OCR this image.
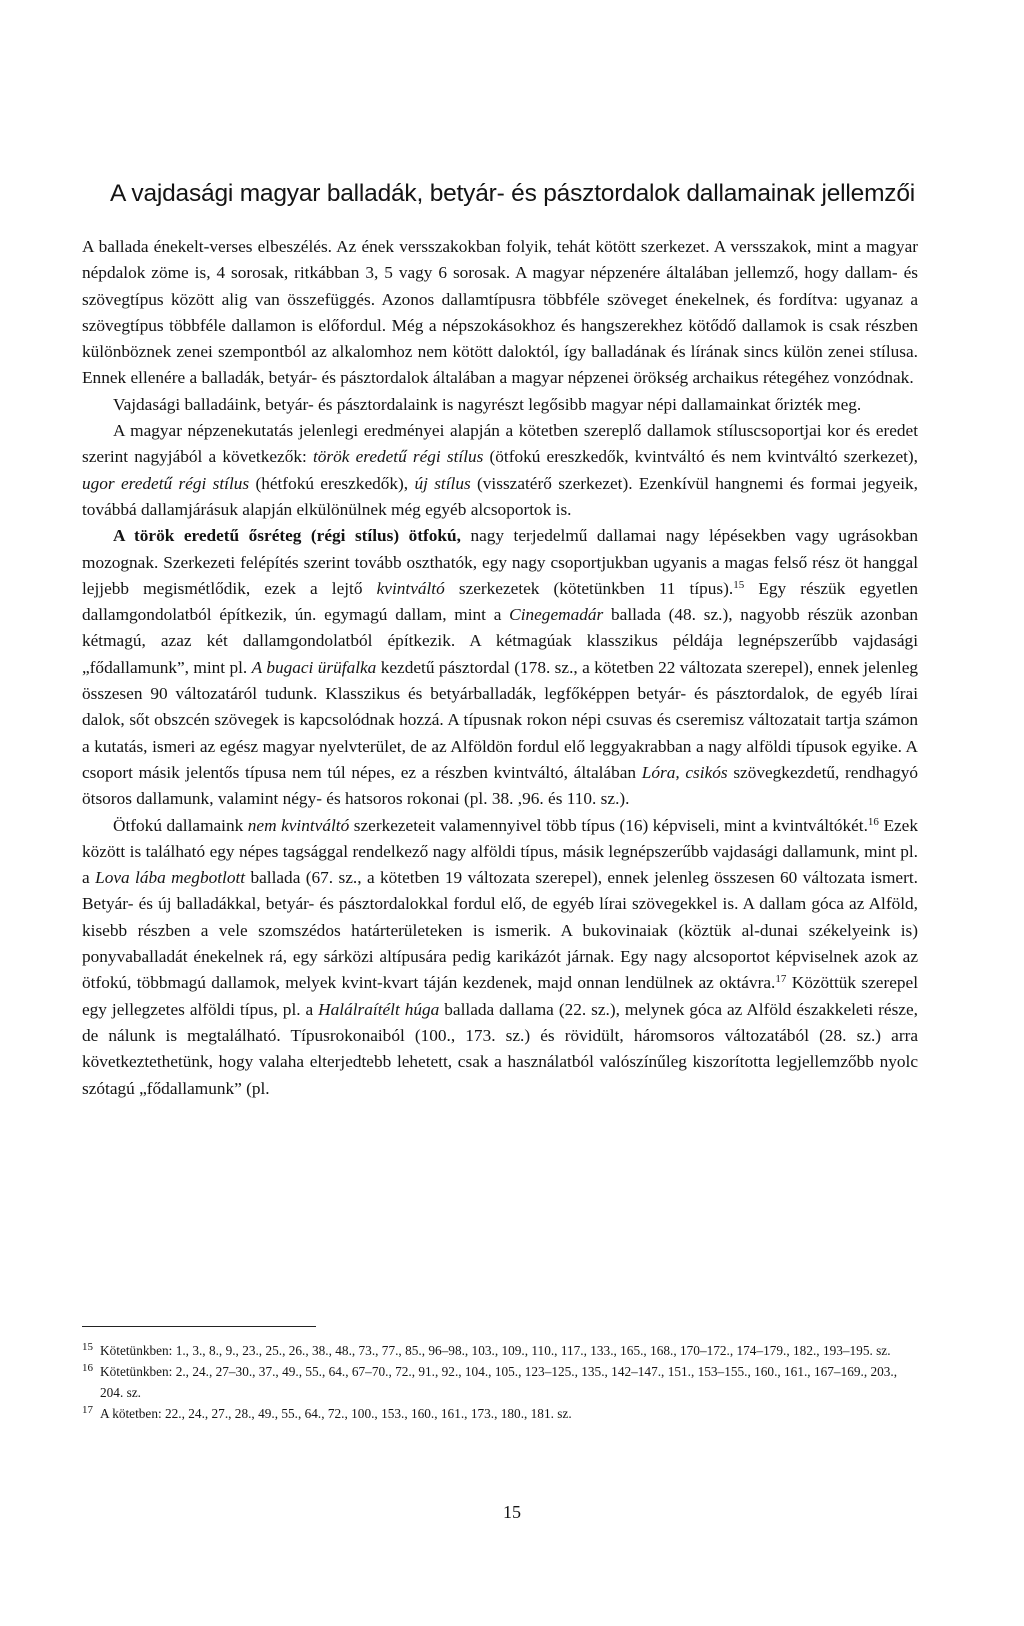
A vajdasági magyar balladák, betyár- és pásztordalok dallamainak jellemzői

A ballada énekelt-verses elbeszélés. Az ének versszakokban folyik, tehát kötött szerkezet. A versszakok, mint a magyar népdalok zöme is, 4 sorosak, ritkábban 3, 5 vagy 6 sorosak. A magyar népzenére általában jellemző, hogy dallam- és szövegtípus között alig van összefüggés. Azonos dallamtípusra többféle szöveget énekelnek, és fordítva: ugyanaz a szövegtípus többféle dallamon is előfordul. Még a népszokásokhoz és hangszerekhez kötődő dallamok is csak részben különböznek zenei szempontból az alkalomhoz nem kötött daloktól, így balladának és lírának sincs külön zenei stílusa. Ennek ellenére a balladák, betyár- és pásztordalok általában a magyar népzenei örökség archaikus rétegéhez vonzódnak.

Vajdasági balladáink, betyár- és pásztordalaink is nagyrészt legősibb magyar népi dallamainkat őrizték meg.

A magyar népzenekutatás jelenlegi eredményei alapján a kötetben szereplő dallamok stíluscsoportjai kor és eredet szerint nagyjából a következők: török eredetű régi stílus (ötfokú ereszkedők, kvintváltó és nem kvintváltó szerkezet), ugor eredetű régi stílus (hétfokú ereszkedők), új stílus (visszatérő szerkezet). Ezenkívül hangnemi és formai jegyeik, továbbá dallamjárásuk alapján elkülönülnek még egyéb alcsoportok is.

A török eredetű ősréteg (régi stílus) ötfokú, nagy terjedelmű dallamai nagy lépésekben vagy ugrásokban mozognak. Szerkezeti felépítés szerint tovább oszthatók, egy nagy csoportjukban ugyanis a magas felső rész öt hanggal lejjebb megismétlődik, ezek a lejtő kvintváltó szerkezetek (kötetünkben 11 típus).$^{15}$ Egy részük egyetlen dallamgondolatból építkezik, ún. egymagú dallam, mint a Cinegemadár ballada (48. sz.), nagyobb részük azonban kétmagú, azaz két dallamgondolatból építkezik. A kétmagúak klasszikus példája legnépszerűbb vajdasági „fődallamunk”, mint pl. A bugaci ürüfalka kezdetű pásztordal (178. sz., a kötetben 22 változata szerepel), ennek jelenleg összesen 90 változatáról tudunk. Klasszikus és betyárballadák, legfőképpen betyár- és pásztordalok, de egyéb lírai dalok, sőt obszcén szövegek is kapcsolódnak hozzá. A típusnak rokon népi csuvas és cseremisz változatait tartja számon a kutatás, ismeri az egész magyar nyelvterület, de az Alföldön fordul elő leggyakrabban a nagy alföldi típusok egyike. A csoport másik jelentős típusa nem túl népes, ez a részben kvintváltó, általában Lóra, csikós szövegkezdetű, rendhagyó ötsoros dallamunk, valamint négy- és hatsoros rokonai (pl. 38. ,96. és 110. sz.).

Ötfokú dallamaink nem kvintváltó szerkezeteit valamennyivel több típus (16) képviseli, mint a kvintváltókét.$^{16}$ Ezek között is található egy népes tagsággal rendelkező nagy alföldi típus, másik legnépszerűbb vajdasági dallamunk, mint pl. a Lova lába megbotlott ballada (67. sz., a kötetben 19 változata szerepel), ennek jelenleg összesen 60 változata ismert. Betyár- és új balladákkal, betyár- és pásztordalokkal fordul elő, de egyéb lírai szövegekkel is. A dallam góca az Alföld, kisebb részben a vele szomszédos határterületeken is ismerik. A bukovinaiak (köztük al-dunai székelyeink is) ponyvaballadát énekelnek rá, egy sárközi altípusára pedig karikázót járnak. Egy nagy alcsoportot képviselnek azok az ötfokú, többmagú dallamok, melyek kvint-kvart táján kezdenek, majd onnan lendülnek az oktávra.$^{17}$ Közöttük szerepel egy jellegzetes alföldi típus, pl. a Halálraítélt húga ballada dallama (22. sz.), melynek góca az Alföld északkeleti része, de nálunk is megtalálható. Típusrokonaiból (100., 173. sz.) és rövidült, háromsoros változatából (28. sz.) arra következtethetünk, hogy valaha elterjedtebb lehetett, csak a használatból valószínűleg kiszorította legjellemzőbb nyolc szótagú „fődallamunk” (pl.

15 Kötetünkben: 1., 3., 8., 9., 23., 25., 26., 38., 48., 73., 77., 85., 96–98., 103., 109., 110., 117., 133., 165., 168., 170–172., 174–179., 182., 193–195. sz.
16 Kötetünkben: 2., 24., 27–30., 37., 49., 55., 64., 67–70., 72., 91., 92., 104., 105., 123–125., 135., 142–147., 151., 153–155., 160., 161., 167–169., 203., 204. sz.
17 A kötetben: 22., 24., 27., 28., 49., 55., 64., 72., 100., 153., 160., 161., 173., 180., 181. sz.
15
